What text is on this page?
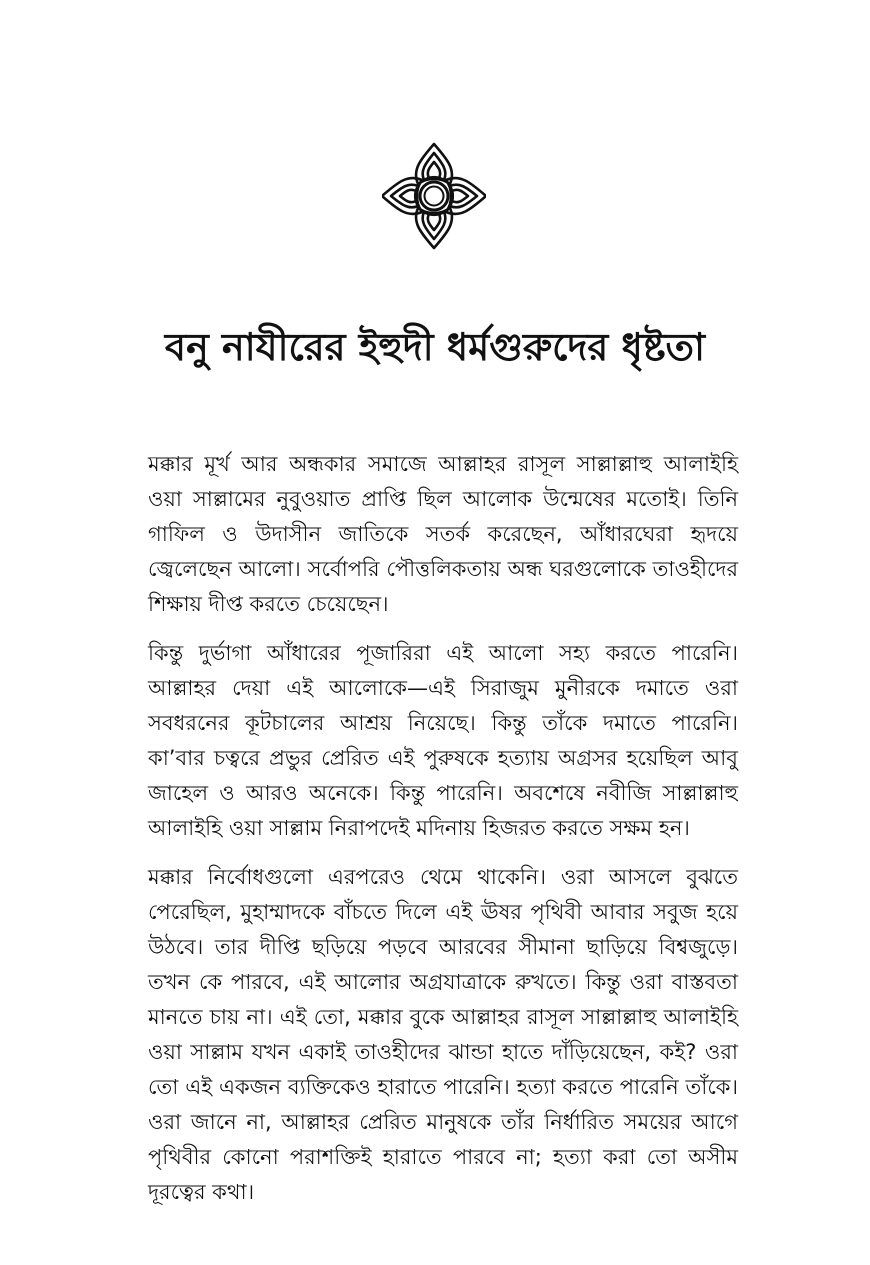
বনু নাযীরের ইহুদী ধর্মগুরুদের ধৃষ্টতা

মক্কার মূর্খ আর অন্ধকার সমাজে আল্লাহর রাসূল সাল্লাল্লাহু আলাইহি ওয়া সাল্লামের নুবুওয়াত প্রাপ্তি ছিল আলোক উন্মেষের মতোই। তিনি গাফিল ও উদাসীন জাতিকে সতর্ক করেছেন, আঁধারঘেরা হৃদয়ে জ্বেলেছেন আলো। সর্বোপরি পৌত্তলিকতায় অন্ধ ঘরগুলোকে তাওহীদের শিক্ষায় দীপ্ত করতে চেয়েছেন।

কিন্তু দুর্ভাগা আঁধারের পূজারিরা এই আলো সহ্য করতে পারেনি। আল্লাহর দেয়া এই আলোকে—এই সিরাজুম মুনীরকে দমাতে ওরা সবধরনের কূটচালের আশ্রয় নিয়েছে। কিন্তু তাঁকে দমাতে পারেনি। কা’বার চত্বরে প্রভুর প্রেরিত এই পুরুষকে হত্যায় অগ্রসর হয়েছিল আবু জাহেল ও আরও অনেকে। কিন্তু পারেনি। অবশেষে নবীজি সাল্লাল্লাহু আলাইহি ওয়া সাল্লাম নিরাপদেই মদিনায় হিজরত করতে সক্ষম হন।

মক্কার নির্বোধগুলো এরপরেও থেমে থাকেনি। ওরা আসলে বুঝতে পেরেছিল, মুহাম্মাদকে বাঁচতে দিলে এই ঊষর পৃথিবী আবার সবুজ হয়ে উঠবে। তার দীপ্তি ছড়িয়ে পড়বে আরবের সীমানা ছাড়িয়ে বিশ্বজুড়ে। তখন কে পারবে, এই আলোর অগ্রযাত্রাকে রুখতে। কিন্তু ওরা বাস্তবতা মানতে চায় না। এই তো, মক্কার বুকে আল্লাহর রাসূল সাল্লাল্লাহু আলাইহি ওয়া সাল্লাম যখন একাই তাওহীদের ঝান্ডা হাতে দাঁড়িয়েছেন, কই? ওরা তো এই একজন ব্যক্তিকেও হারাতে পারেনি। হত্যা করতে পারেনি তাঁকে। ওরা জানে না, আল্লাহর প্রেরিত মানুষকে তাঁর নির্ধারিত সময়ের আগে পৃথিবীর কোনো পরাশক্তিই হারাতে পারবে না; হত্যা করা তো অসীম দূরত্বের কথা।
